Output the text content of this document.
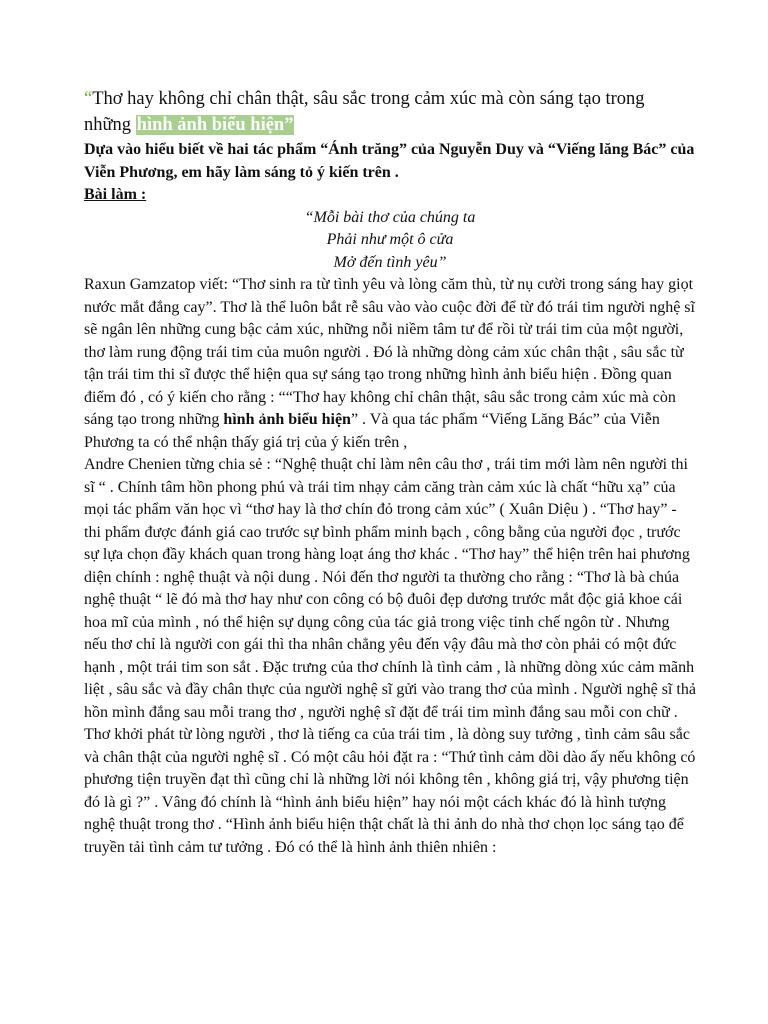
“Thơ hay không chỉ chân thật, sâu sắc trong cảm xúc mà còn sáng tạo trong những hình ảnh biểu hiện”

Dựa vào hiểu biết về hai tác phẩm “Ánh trăng” của Nguyễn Duy và “Viếng lăng Bác” của Viễn Phương, em hãy làm sáng tỏ ý kiến trên .

Bài làm :

“Mỗi bài thơ của chúng ta
Phải như một ô cửa
Mở đến tình yêu”

Raxun Gamzatop viết: “Thơ sinh ra từ tình yêu và lòng căm thù, từ nụ cười trong sáng hay giọt nước mắt đắng cay”. Thơ là thể luôn bắt rễ sâu vào vào cuộc đời để từ đó trái tim người nghệ sĩ sẽ ngân lên những cung bậc cảm xúc, những nỗi niềm tâm tư để rồi từ trái tim của một người, thơ làm rung động trái tim của muôn người . Đó là những dòng cảm xúc chân thật , sâu sắc từ tận trái tim thi sĩ được thể hiện qua sự sáng tạo trong những hình ảnh biểu hiện . Đồng quan điểm đó , có ý kiến cho rằng : ““Thơ hay không chỉ chân thật, sâu sắc trong cảm xúc mà còn sáng tạo trong những hình ảnh biểu hiện” . Và qua tác phẩm “Viếng Lăng Bác” của Viễn Phương ta có thể nhận thấy giá trị của ý kiến trên ,

Andre Chenien từng chia sẻ : “Nghệ thuật chỉ làm nên câu thơ , trái tim mới làm nên người thi sĩ “ . Chính tâm hồn phong phú và trái tim nhạy cảm căng tràn cảm xúc là chất “hữu xạ” của mọi tác phẩm văn học vì “thơ hay là thơ chín đỏ trong cảm xúc” ( Xuân Diệu ) . “Thơ hay” - thi phẩm được đánh giá cao trước sự bình phẩm minh bạch , công bằng của người đọc , trước sự lựa chọn đầy khách quan trong hàng loạt áng thơ khác . “Thơ hay” thể hiện trên hai phương diện chính : nghệ thuật và nội dung . Nói đến thơ người ta thường cho rằng : “Thơ là bà chúa nghệ thuật “ lẽ đó mà thơ hay như con công có bộ đuôi đẹp dương trước mắt độc giả khoe cái hoa mĩ của mình , nó thể hiện sự dụng công của tác giả trong việc tinh chế ngôn từ . Nhưng nếu thơ chỉ là người con gái thì tha nhân chẳng yêu đến vậy đâu mà thơ còn phải có một đức hạnh , một trái tim son sắt . Đặc trưng của thơ chính là tình cảm , là những dòng xúc cảm mãnh liệt , sâu sắc và đầy chân thực của người nghệ sĩ gửi vào trang thơ của mình . Người nghệ sĩ thả hồn mình đắng sau mỗi trang thơ , người nghệ sĩ đặt để trái tim mình đắng sau mỗi con chữ . Thơ khởi phát từ lòng người , thơ là tiếng ca của trái tim , là dòng suy tưởng , tình cảm sâu sắc và chân thật của người nghệ sĩ . Có một câu hỏi đặt ra : “Thứ tình cảm dồi dào ấy nếu không có phương tiện truyền đạt thì cũng chỉ là những lời nói không tên , không giá trị, vậy phương tiện đó là gì ?” . Vâng đó chính là “hình ảnh biểu hiện” hay nói một cách khác đó là hình tượng nghệ thuật trong thơ . “Hình ảnh biểu hiện thật chất là thi ảnh do nhà thơ chọn lọc sáng tạo để truyền tải tình cảm tư tưởng . Đó có thể là hình ảnh thiên nhiên :
